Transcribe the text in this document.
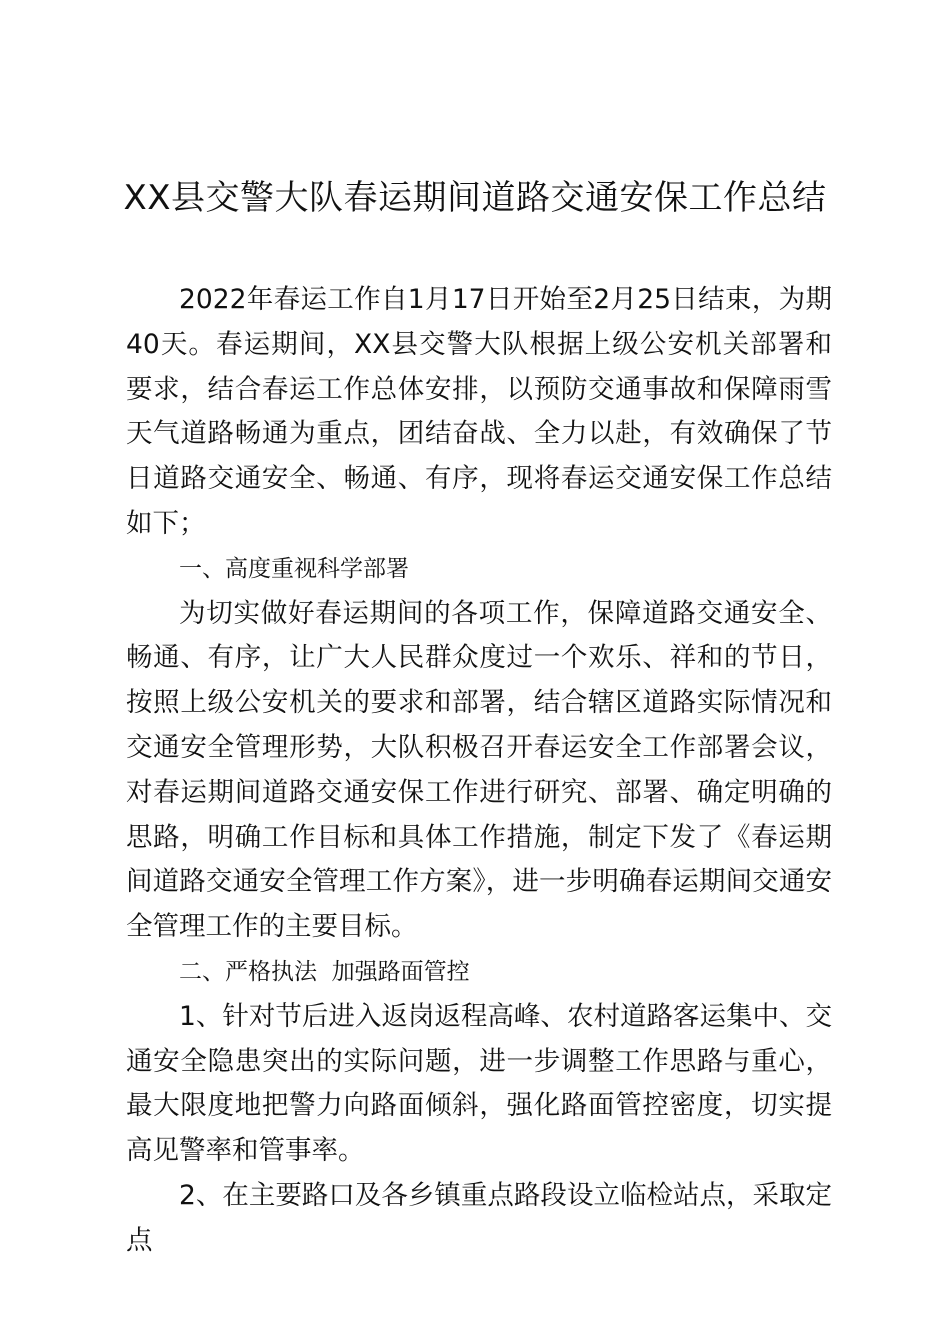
XX县交警大队春运期间道路交通安保工作总结

2022年春运工作自1月17日开始至2月25日结束，为期40天。春运期间，XX县交警大队根据上级公安机关部署和要求，结合春运工作总体安排，以预防交通事故和保障雨雪天气道路畅通为重点，团结奋战、全力以赴，有效确保了节日道路交通安全、畅通、有序，现将春运交通安保工作总结如下；

一、高度重视科学部署

为切实做好春运期间的各项工作，保障道路交通安全、畅通、有序，让广大人民群众度过一个欢乐、祥和的节日，按照上级公安机关的要求和部署，结合辖区道路实际情况和交通安全管理形势，大队积极召开春运安全工作部署会议，对春运期间道路交通安保工作进行研究、部署、确定明确的思路，明确工作目标和具体工作措施，制定下发了《春运期间道路交通安全管理工作方案》，进一步明确春运期间交通安全管理工作的主要目标。

二、严格执法  加强路面管控

1、针对节后进入返岗返程高峰、农村道路客运集中、交通安全隐患突出的实际问题，进一步调整工作思路与重心，最大限度地把警力向路面倾斜，强化路面管控密度，切实提高见警率和管事率。

2、在主要路口及各乡镇重点路段设立临检站点，采取定点
